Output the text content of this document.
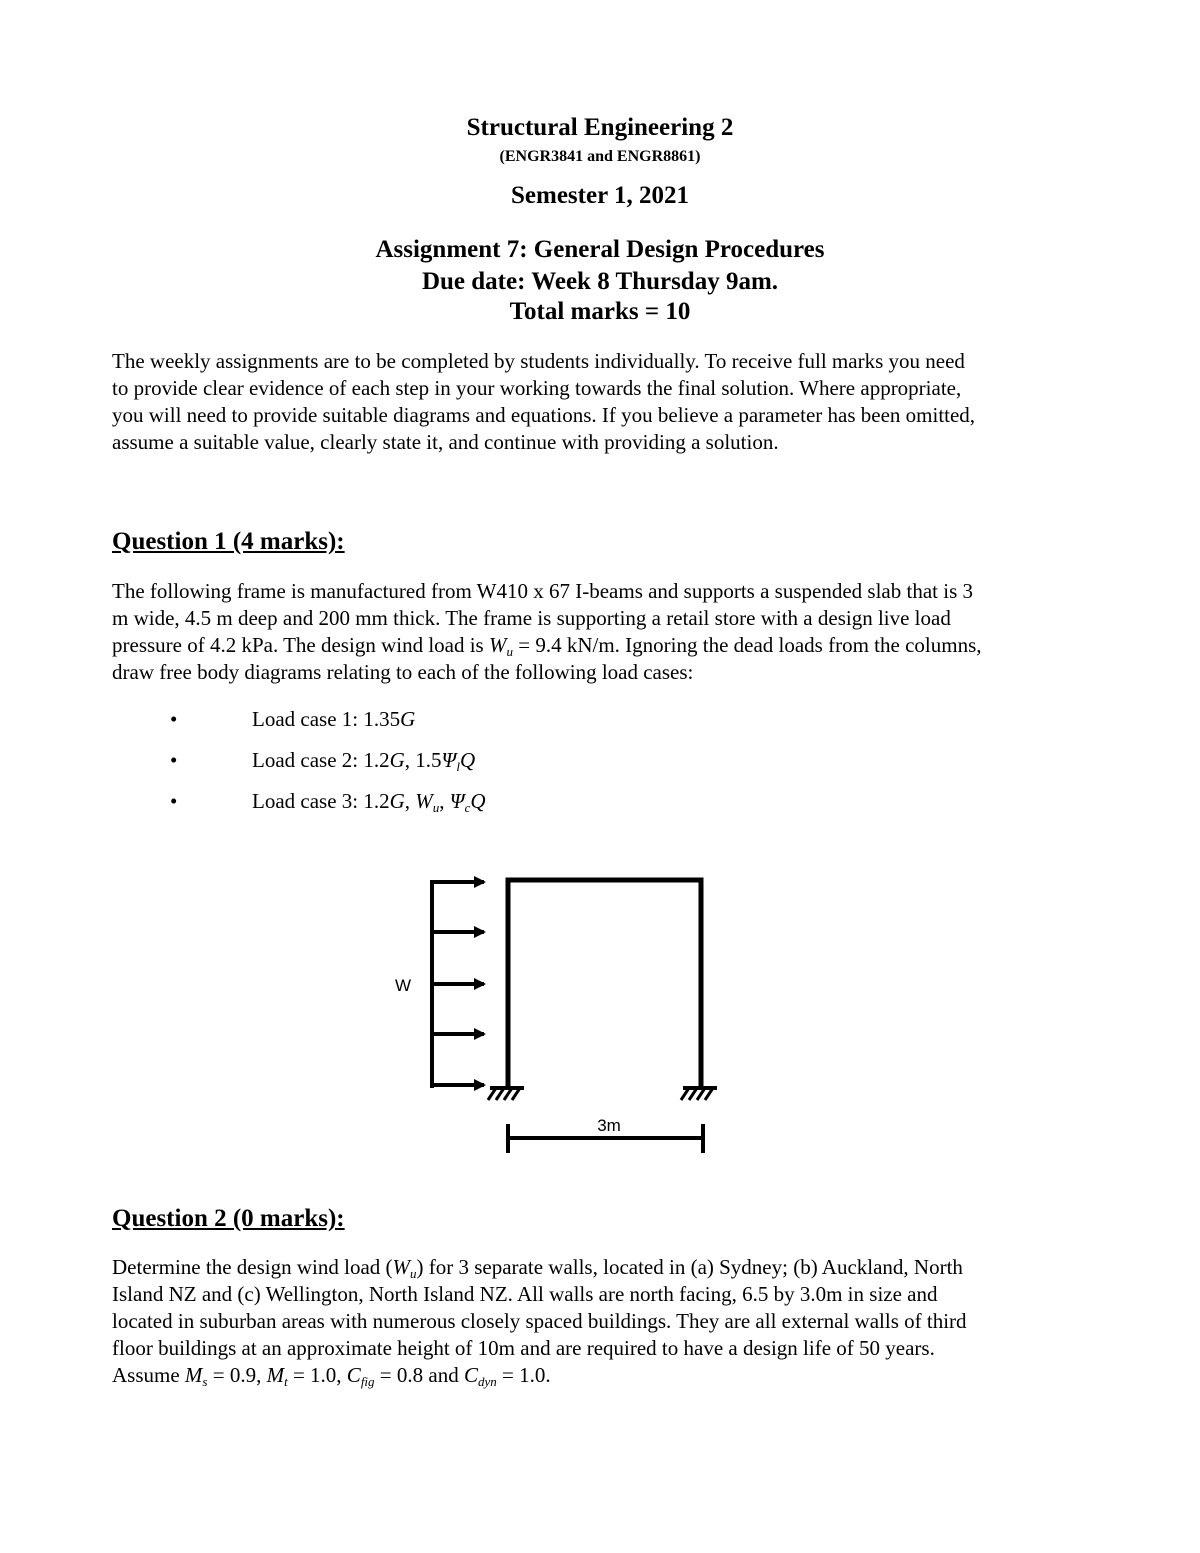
Structural Engineering 2
(ENGR3841 and ENGR8861)
Semester 1, 2021
Assignment 7: General Design Procedures
Due date: Week 8 Thursday 9am.
Total marks = 10
The weekly assignments are to be completed by students individually. To receive full marks you need
to provide clear evidence of each step in your working towards the final solution. Where appropriate,
you will need to provide suitable diagrams and equations. If you believe a parameter has been omitted,
assume a suitable value, clearly state it, and continue with providing a solution.
Question 1 (4 marks):
The following frame is manufactured from W410 x 67 I-beams and supports a suspended slab that is 3
m wide, 4.5 m deep and 200 mm thick. The frame is supporting a retail store with a design live load
pressure of 4.2 kPa. The design wind load is $W_u = 9.4$ kN/m. Ignoring the dead loads from the columns,
draw free body diagrams relating to each of the following load cases:
• Load case 1: 1.35G
• Load case 2: 1.2G, $1.5\Psi_lQ$
• Load case 3: 1.2G, $W_u$, $\Psi_cQ$
W
3m
Question 2 (0 marks):
Determine the design wind load $(W_u)$ for 3 separate walls, located in (a) Sydney; (b) Auckland, North
Island NZ and (c) Wellington, North Island NZ. All walls are north facing, 6.5 by 3.0m in size and
located in suburban areas with numerous closely spaced buildings. They are all external walls of third
floor buildings at an approximate height of 10m and are required to have a design life of 50 years.
Assume $M_s = 0.9$, $M_t = 1.0$, $C_{fig} = 0.8$ and $C_{dyn} = 1.0$.
